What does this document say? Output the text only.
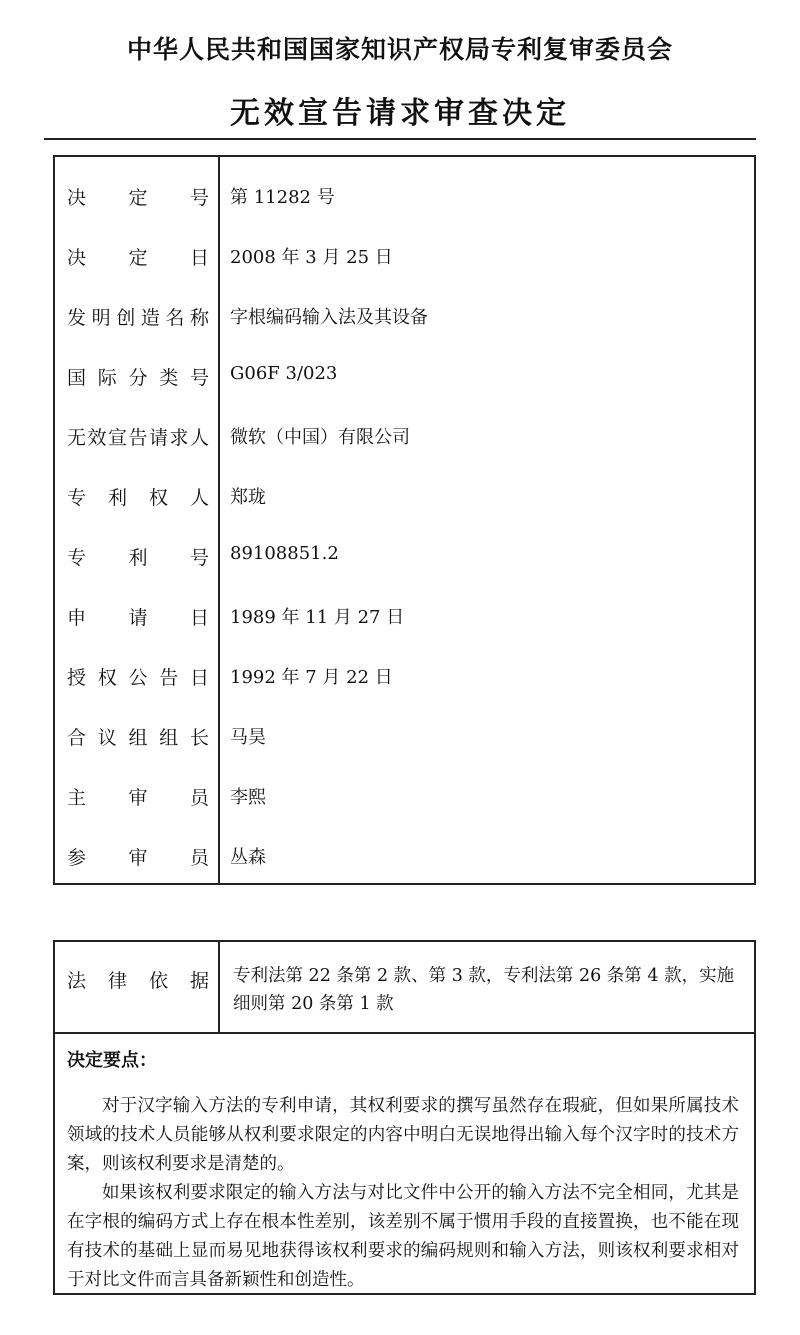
中华人民共和国国家知识产权局专利复审委员会
无效宣告请求审查决定
决定号 第 11282 号
决定日 2008 年 3 月 25 日
发明创造名称 字根编码输入法及其设备
国际分类号 G06F 3/023
无效宣告请求人 微软（中国）有限公司
专利权人 郑珑
专利号 89108851.2
申请日 1989 年 11 月 27 日
授权公告日 1992 年 7 月 22 日
合议组组长 马昊
主审员 李熙
参审员 丛森
法律依据 专利法第 22 条第 2 款、第 3 款，专利法第 26 条第 4 款，实施细则第 20 条第 1 款
决定要点：
对于汉字输入方法的专利申请，其权利要求的撰写虽然存在瑕疵，但如果所属技术领域的技术人员能够从权利要求限定的内容中明白无误地得出输入每个汉字时的技术方案，则该权利要求是清楚的。
如果该权利要求限定的输入方法与对比文件中公开的输入方法不完全相同，尤其是在字根的编码方式上存在根本性差别，该差别不属于惯用手段的直接置换，也不能在现有技术的基础上显而易见地获得该权利要求的编码规则和输入方法，则该权利要求相对于对比文件而言具备新颖性和创造性。
